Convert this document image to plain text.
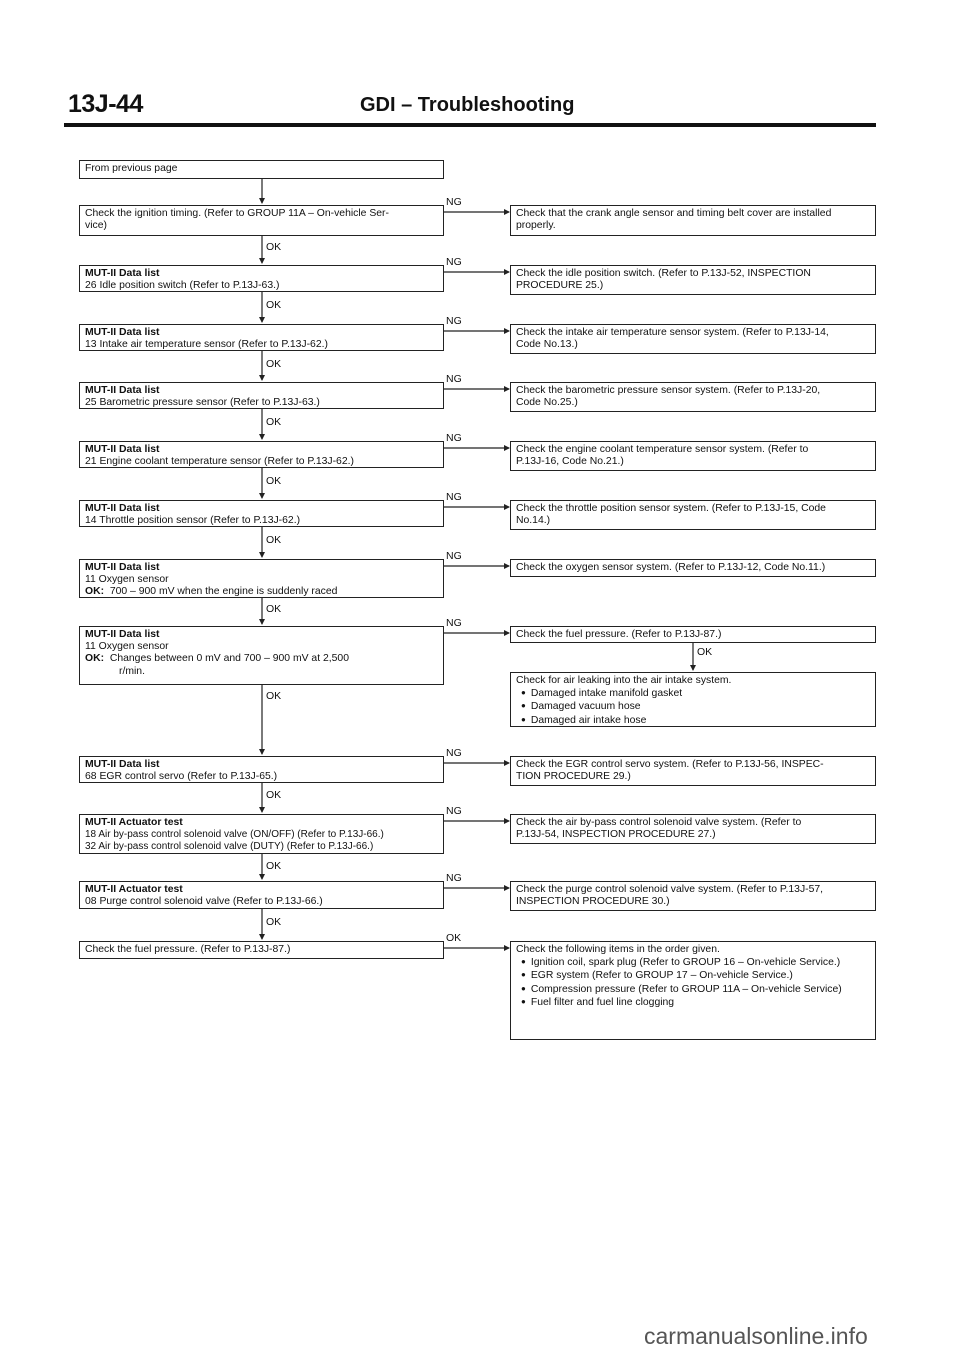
13J-44	GDI – Troubleshooting
From previous page
Check the ignition timing. (Refer to GROUP 11A – On-vehicle Ser-
vice)
NG
Check that the crank angle sensor and timing belt cover are installed
properly.
OK
MUT-II Data list
26 Idle position switch (Refer to P.13J-63.)
NG
Check the idle position switch. (Refer to P.13J-52, INSPECTION
PROCEDURE 25.)
OK
MUT-II Data list
13 Intake air temperature sensor (Refer to P.13J-62.)
NG
Check the intake air temperature sensor system. (Refer to P.13J-14,
Code No.13.)
OK
MUT-II Data list
25 Barometric pressure sensor (Refer to P.13J-63.)
NG
Check the barometric pressure sensor system. (Refer to P.13J-20,
Code No.25.)
OK
MUT-II Data list
21 Engine coolant temperature sensor (Refer to P.13J-62.)
NG
Check the engine coolant temperature sensor system. (Refer to
P.13J-16, Code No.21.)
OK
MUT-II Data list
14 Throttle position sensor (Refer to P.13J-62.)
NG
Check the throttle position sensor system. (Refer to P.13J-15, Code
No.14.)
OK
MUT-II Data list
11 Oxygen sensor
OK: 700 – 900 mV when the engine is suddenly raced
NG
Check the oxygen sensor system. (Refer to P.13J-12, Code No.11.)
OK
MUT-II Data list
11 Oxygen sensor
OK: Changes between 0 mV and 700 – 900 mV at 2,500
r/min.
NG
Check the fuel pressure. (Refer to P.13J-87.)
OK
Check for air leaking into the air intake system.
● Damaged intake manifold gasket
● Damaged vacuum hose
● Damaged air intake hose
OK
MUT-II Data list
68 EGR control servo (Refer to P.13J-65.)
NG
Check the EGR control servo system. (Refer to P.13J-56, INSPEC-
TION PROCEDURE 29.)
OK
MUT-II Actuator test
18 Air by-pass control solenoid valve (ON/OFF) (Refer to P.13J-66.)
32 Air by-pass control solenoid valve (DUTY) (Refer to P.13J-66.)
NG
Check the air by-pass control solenoid valve system. (Refer to
P.13J-54, INSPECTION PROCEDURE 27.)
OK
MUT-II Actuator test
08 Purge control solenoid valve (Refer to P.13J-66.)
NG
Check the purge control solenoid valve system. (Refer to P.13J-57,
INSPECTION PROCEDURE 30.)
OK
Check the fuel pressure. (Refer to P.13J-87.)
OK
Check the following items in the order given.
● Ignition coil, spark plug (Refer to GROUP 16 – On-vehicle Service.)
● EGR system (Refer to GROUP 17 – On-vehicle Service.)
● Compression pressure (Refer to GROUP 11A – On-vehicle Service)
● Fuel filter and fuel line clogging
carmanualsonline.info
